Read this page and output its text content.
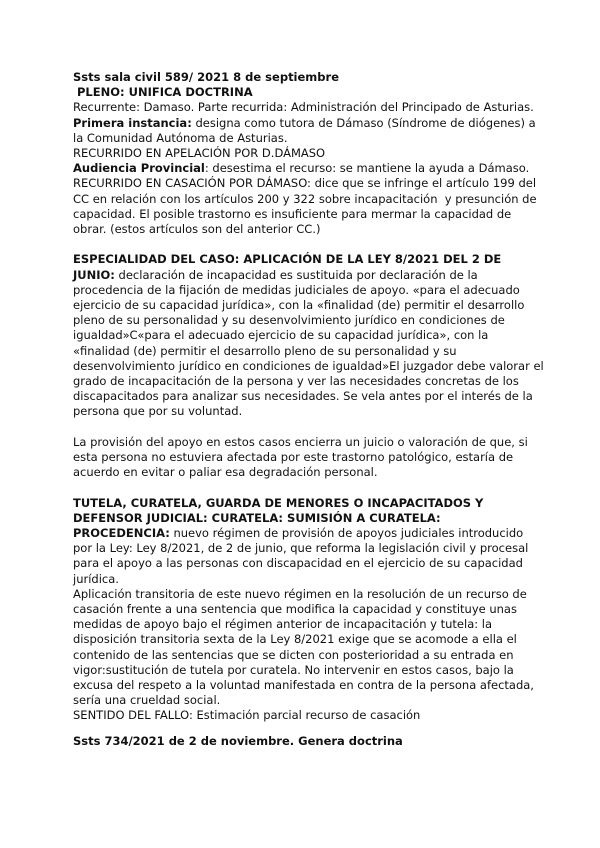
Ssts sala civil 589/ 2021 8 de septiembre
PLENO: UNIFICA DOCTRINA
Recurrente: Damaso. Parte recurrida: Administración del Principado de Asturias.
Primera instancia: designa como tutora de Dámaso (Síndrome de diógenes) a
la Comunidad Autónoma de Asturias.
RECURRIDO EN APELACIÓN POR D.DÁMASO
Audiencia Provincial: desestima el recurso: se mantiene la ayuda a Dámaso.
RECURRIDO EN CASACIÓN POR DÁMASO: dice que se infringe el artículo 199 del
CC en relación con los artículos 200 y 322 sobre incapacitación  y presunción de
capacidad. El posible trastorno es insuficiente para mermar la capacidad de
obrar. (estos artículos son del anterior CC.)
ESPECIALIDAD DEL CASO: APLICACIÓN DE LA LEY 8/2021 DEL 2 DE
JUNIO: declaración de incapacidad es sustituida por declaración de la
procedencia de la fijación de medidas judiciales de apoyo. «para el adecuado
ejercicio de su capacidad jurídica», con la «finalidad (de) permitir el desarrollo
pleno de su personalidad y su desenvolvimiento jurídico en condiciones de
igualdad»C«para el adecuado ejercicio de su capacidad jurídica», con la
«finalidad (de) permitir el desarrollo pleno de su personalidad y su
desenvolvimiento jurídico en condiciones de igualdad»El juzgador debe valorar el
grado de incapacitación de la persona y ver las necesidades concretas de los
discapacitados para analizar sus necesidades. Se vela antes por el interés de la
persona que por su voluntad.
La provisión del apoyo en estos casos encierra un juicio o valoración de que, si
esta persona no estuviera afectada por este trastorno patológico, estaría de
acuerdo en evitar o paliar esa degradación personal.
TUTELA, CURATELA, GUARDA DE MENORES O INCAPACITADOS Y
DEFENSOR JUDICIAL: CURATELA: SUMISIÓN A CURATELA:
PROCEDENCIA: nuevo régimen de provisión de apoyos judiciales introducido
por la Ley: Ley 8/2021, de 2 de junio, que reforma la legislación civil y procesal
para el apoyo a las personas con discapacidad en el ejercicio de su capacidad
jurídica.
Aplicación transitoria de este nuevo régimen en la resolución de un recurso de
casación frente a una sentencia que modifica la capacidad y constituye unas
medidas de apoyo bajo el régimen anterior de incapacitación y tutela: la
disposición transitoria sexta de la Ley 8/2021 exige que se acomode a ella el
contenido de las sentencias que se dicten con posterioridad a su entrada en
vigor:sustitución de tutela por curatela. No intervenir en estos casos, bajo la
excusa del respeto a la voluntad manifestada en contra de la persona afectada,
sería una crueldad social.
SENTIDO DEL FALLO: Estimación parcial recurso de casación
Ssts 734/2021 de 2 de noviembre. Genera doctrina
